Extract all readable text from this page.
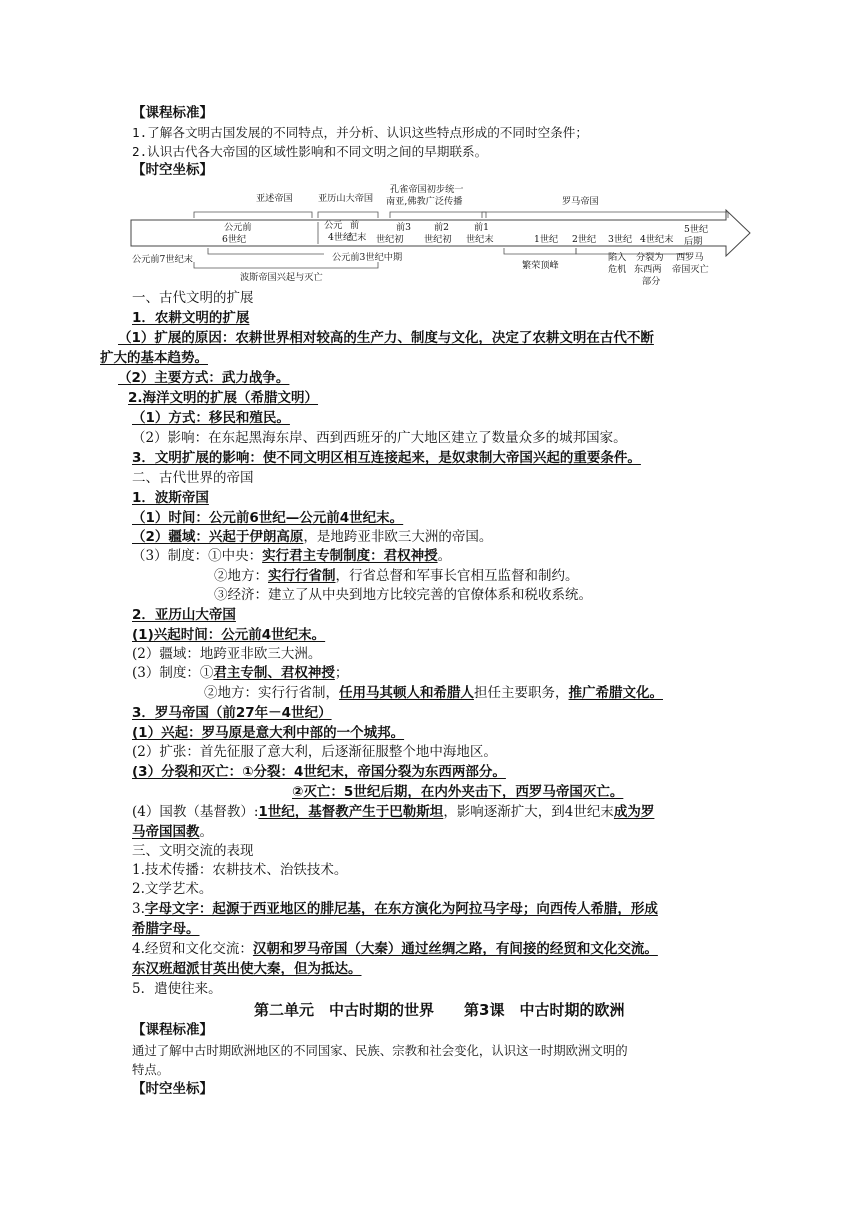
【课程标准】
1.了解各文明古国发展的不同特点，并分析、认识这些特点形成的不同时空条件；
2.认识古代各大帝国的区域性影响和不同文明之间的早期联系。
【时空坐标】
亚述帝国	亚历山大帝国
孔雀帝国初步统一
南亚,佛教广泛传播	罗马帝国
公元前
6世纪
公元
4世纪
前
纪末
前3
世纪初
前2
世纪初
前1
世纪末	1世纪 2世纪 3世纪 4世纪末
5世纪
后期
公元前7世纪末	公元前3世纪中期
波斯帝国兴起与灭亡
繁荣顶峰
陷入
危机
分裂为
东西两
部分
西罗马
帝国灭亡
一、古代文明的扩展
1．农耕文明的扩展
（1）扩展的原因：农耕世界相对较高的生产力、制度与文化，决定了农耕文明在古代不断
扩大的基本趋势。
（2）主要方式：武力战争。
2.海洋文明的扩展（希腊文明）
（1）方式：移民和殖民。
（2）影响：在东起黑海东岸、西到西班牙的广大地区建立了数量众多的城邦国家。
3．文明扩展的影响：使不同文明区相互连接起来，是奴隶制大帝国兴起的重要条件。
二、古代世界的帝国
1．波斯帝国
（1）时间：公元前6世纪—公元前4世纪末。
（2）疆域：兴起于伊朗高原，是地跨亚非欧三大洲的帝国。
（3）制度：①中央：实行君主专制制度：君权神授。
②地方：实行行省制，行省总督和军事长官相互监督和制约。
③经济：建立了从中央到地方比较完善的官僚体系和税收系统。
2．亚历山大帝国
(1)兴起时间：公元前4世纪末。
(2）疆域：地跨亚非欧三大洲。
(3）制度：①君主专制、君权神授；
②地方：实行行省制，任用马其顿人和希腊人担任主要职务，推广希腊文化。
3．罗马帝国（前27年－4世纪）
(1）兴起：罗马原是意大利中部的一个城邦。
(2）扩张：首先征服了意大利，后逐渐征服整个地中海地区。
(3）分裂和灭亡：①分裂：4世纪末，帝国分裂为东西两部分。
②灭亡：5世纪后期，在内外夹击下，西罗马帝国灭亡。
(4）国教（基督教）:1世纪，基督教产生于巴勒斯坦，影响逐渐扩大，到4世纪末成为罗
马帝国国教。
三、文明交流的表现
1.技术传播：农耕技术、治铁技术。
2.文学艺术。
3.字母文字：起源于西亚地区的腓尼基，在东方演化为阿拉马字母；向西传人希腊，形成
希腊字母。
4.经贸和文化交流：汉朝和罗马帝国（大秦）通过丝绸之路，有间接的经贸和文化交流。
东汉班超派甘英出使大秦，但为抵达。
5．遣使往来。
第二单元　中古时期的世界　　第3课　中古时期的欧洲
【课程标准】
通过了解中古时期欧洲地区的不同国家、民族、宗教和社会变化，认识这一时期欧洲文明的
特点。
【时空坐标】
